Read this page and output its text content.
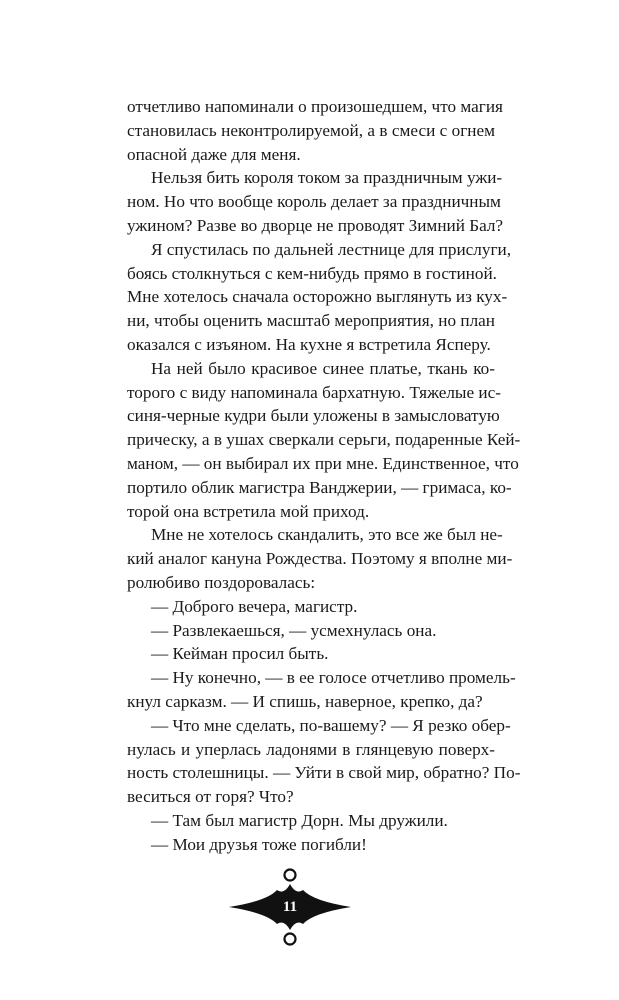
отчетливо напоминали о произошедшем, что магия
становилась неконтролируемой, а в смеси с огнем
опасной даже для меня.
Нельзя бить короля током за праздничным ужи-
ном. Но что вообще король делает за праздничным
ужином? Разве во дворце не проводят Зимний Бал?
Я спустилась по дальней лестнице для прислуги,
боясь столкнуться с кем-нибудь прямо в гостиной.
Мне хотелось сначала осторожно выглянуть из кух-
ни, чтобы оценить масштаб мероприятия, но план
оказался с изъяном. На кухне я встретила Ясперу.
На ней было красивое синее платье, ткань ко-
торого с виду напоминала бархатную. Тяжелые ис-
синя-черные кудри были уложены в замысловатую
прическу, а в ушах сверкали серьги, подаренные Кей-
маном, — он выбирал их при мне. Единственное, что
портило облик магистра Ванджерии, — гримаса, ко-
торой она встретила мой приход.
Мне не хотелось скандалить, это все же был не-
кий аналог кануна Рождества. Поэтому я вполне ми-
ролюбиво поздоровалась:
— Доброго вечера, магистр.
— Развлекаешься, — усмехнулась она.
— Кейман просил быть.
— Ну конечно, — в ее голосе отчетливо промель-
кнул сарказм. — И спишь, наверное, крепко, да?
— Что мне сделать, по-вашему? — Я резко обер-
нулась и уперлась ладонями в глянцевую поверх-
ность столешницы. — Уйти в свой мир, обратно? По-
веситься от горя? Что?
— Там был магистр Дорн. Мы дружили.
— Мои друзья тоже погибли!
11
